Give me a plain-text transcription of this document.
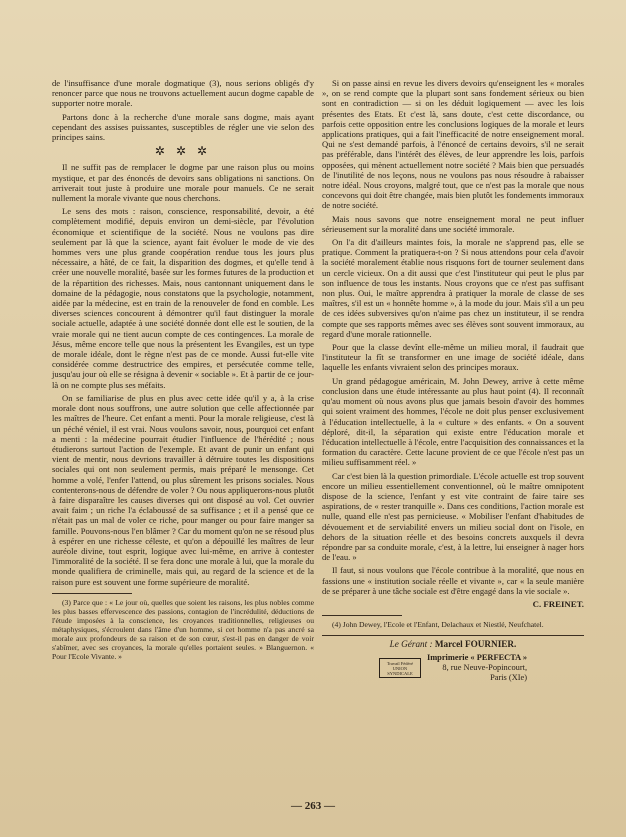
de l'insuffisance d'une morale dogmatique (3), nous serions obligés d'y renoncer parce que nous ne trouvons actuellement aucun dogme capable de supporter notre morale.

Partons donc à la recherche d'une morale sans dogme, mais ayant cependant des assises puissantes, susceptibles de régler une vie selon des principes sains.

✲ ✲ ✲

Il ne suffit pas de remplacer le dogme par une raison plus ou moins mystique, et par des énoncés de devoirs sans obligations ni sanctions. On arriverait tout juste à produire une morale pour manuels. Ce ne serait nullement la morale vivante que nous cherchons.

Le sens des mots : raison, conscience, responsabilité, devoir, a été complètement modifié, depuis environ un demi-siècle, par l'évolution économique et scientifique de la société. Nous ne voulons pas dire seulement par là que la science, ayant fait évoluer le mode de vie des hommes vers une plus grande coopération rendue tous les jours plus nécessaire, a hâté, de ce fait, la disparition des dogmes, et qu'elle tend à créer une nouvelle moralité, basée sur les formes futures de la production et de la répartition des richesses. Mais, nous cantonnant uniquement dans le domaine de la pédagogie, nous constatons que la psychologie, notamment, aidée par la médecine, est en train de la renouveler de fond en comble. Les diverses sciences concourent à démontrer qu'il faut distinguer la morale sociale actuelle, adaptée à une société donnée dont elle est le soutien, de la vraie morale qui ne tient aucun compte de ces contingences. La morale de Jésus, même encore telle que nous la présentent les Evangiles, est un type de morale idéale, dont le règne n'est pas de ce monde. Aussi fut-elle vite considérée comme destructrice des empires, et persécutée comme telle, jusqu'au jour où elle se résigna à devenir « sociable ». Et à partir de ce jour-là on ne compte plus ses méfaits.

On se familiarise de plus en plus avec cette idée qu'il y a, à la crise morale dont nous souffrons, une autre solution que celle affectionnée par les maîtres de l'heure. Cet enfant a menti. Pour la morale religieuse, c'est là un péché véniel, il est vrai. Nous voulons savoir, nous, pourquoi cet enfant a menti : la médecine pourrait étudier l'influence de l'hérédité ; nous étudierons surtout l'action de l'exemple. Et avant de punir un enfant qui vient de mentir, nous devrions travailler à détruire toutes les dispositions sociales qui ont non seulement permis, mais préparé le mensonge. Cet homme a volé, l'enfer l'attend, ou plus sûrement les prisons sociales. Nous contenterons-nous de défendre de voler ? Ou nous appliquerons-nous plutôt à faire disparaître les causes diverses qui ont disposé au vol. Cet ouvrier avait faim ; un riche l'a éclaboussé de sa suffisance ; et il a pensé que ce n'était pas un mal de voler ce riche, pour manger ou pour faire manger sa famille. Pouvons-nous l'en blâmer ? Car du moment qu'on ne se résoud plus à espérer en une richesse céleste, et qu'on a dépouillé les maîtres de leur auréole divine, tout esprit, logique avec lui-même, en arrive à contester l'immoralité de la société. Il se fera donc une morale à lui, que la morale du monde qualifiera de criminelle, mais qui, au regard de la science et de la raison pure est souvent une forme supérieure de moralité.

(3) Parce que : « Le jour où, quelles que soient les raisons, les plus nobles comme les plus basses effervescence des passions, contagion de l'incrédulité, déductions de l'étude imposées à la conscience, les croyances traditionnelles, religieuses ou métaphysiques, s'écroulent dans l'âme d'un homme, si cet homme n'a pas ancré sa morale aux profondeurs de sa raison et de son cœur, s'est-il pas en danger de voir s'abîmer, avec ses croyances, la morale qu'elles portaient seules. » Blanguernon. « Pour l'Ecole Vivante. »

Si on passe ainsi en revue les divers devoirs qu'enseignent les « morales », on se rend compte que la plupart sont sans fondement sérieux ou bien sont en contradiction — si on les déduit logiquement — avec les lois présentes des Etats. Et c'est là, sans doute, c'est cette discordance, ou parfois cette opposition entre les conclusions logiques de la morale et leurs applications pratiques, qui a fait l'inefficacité de notre enseignement moral. Qui ne s'est demandé parfois, à l'énoncé de certains devoirs, s'il ne serait pas préférable, dans l'intérêt des élèves, de leur apprendre les lois, parfois opposées, qui mènent actuellement notre société ? Mais bien que persuadés de l'inutilité de nos leçons, nous ne voulons pas nous résoudre à rabaisser notre idéal. Nous croyons, malgré tout, que ce n'est pas la morale que nous concevons qui doit être changée, mais bien plutôt les fondements immoraux de notre société.

Mais nous savons que notre enseignement moral ne peut influer sérieusement sur la moralité dans une société immorale.

On l'a dit d'ailleurs maintes fois, la morale ne s'apprend pas, elle se pratique. Comment la pratiquera-t-on ? Si nous attendons pour cela d'avoir la société moralement établie nous risquons fort de tourner seulement dans un cercle vicieux. On a dit aussi que c'est l'instituteur qui peut le plus par son influence de tous les instants. Nous croyons que ce n'est pas suffisant non plus. Oui, le maître apprendra à pratiquer la morale de classe de ses maîtres, s'il est un « honnête homme », à la mode du jour. Mais s'il a un peu de ces idées subversives qu'on n'aime pas chez un instituteur, il se rendra compte que ses rapports mêmes avec ses élèves sont souvent immoraux, au regard d'une morale rationnelle.

Pour que la classe devînt elle-même un milieu moral, il faudrait que l'instituteur la fît se transformer en une image de société idéale, dans laquelle les enfants vivraient selon des principes moraux.

Un grand pédagogue américain, M. John Dewey, arrive à cette même conclusion dans une étude intéressante au plus haut point (4). Il reconnaît qu'au moment où nous avons plus que jamais besoin d'avoir des hommes qui soient vraiment des hommes, l'école ne doit plus penser exclusivement à l'éducation intellectuelle, à la « culture » des enfants. « On a souvent déploré, dit-il, la séparation qui existe entre l'éducation morale et l'éducation intellectuelle à l'école, entre l'acquisition des connaissances et la formation du caractère. Cette lacune provient de ce que l'école n'est pas un milieu suffisamment réel. »

Car c'est bien là la question primordiale. L'école actuelle est trop souvent encore un milieu essentiellement conventionnel, où le maître omnipotent dispose de la science, l'enfant y est vite contraint de faire taire ses aspirations, de « rester tranquille ». Dans ces conditions, l'action morale est nulle, quand elle n'est pas pernicieuse. « Mobiliser l'enfant d'habitudes de dévouement et de serviabilité envers un milieu social dont on l'isole, en dehors de la situation réelle et des besoins concrets auxquels il devra répondre par sa conduite morale, c'est, à la lettre, lui enseigner à nager hors de l'eau. »

Il faut, si nous voulons que l'école contribue à la moralité, que nous en fassions une « institution sociale réelle et vivante », car « la seule manière de se préparer à une tâche sociale est d'être engagé dans la vie sociale ».

C. FREINET.

(4) John Dewey, l'Ecole et l'Enfant, Delachaux et Niestlé, Neufchatel.

Le Gérant : Marcel FOURNIER.
Travail Fédéré
UNION SYNDICALE
Imprimerie « PERFECTA »
8, rue Neuve-Popincourt,
Paris (XIe)
— 263 —
